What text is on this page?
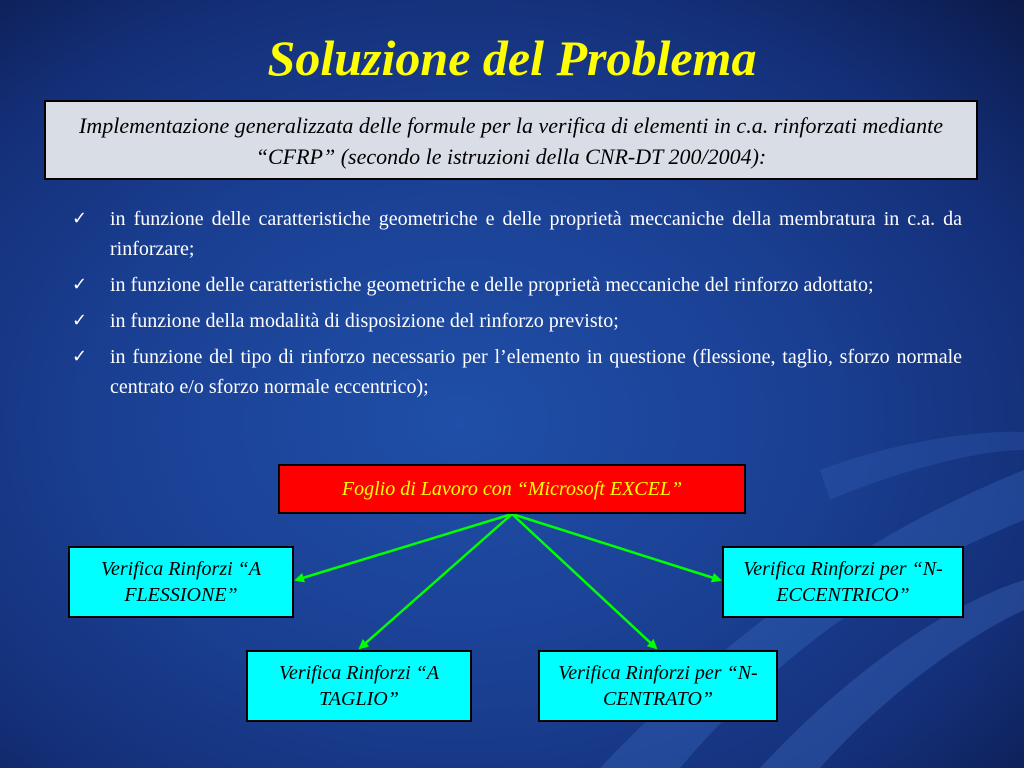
Soluzione del Problema
Implementazione generalizzata delle formule per la verifica di elementi in c.a. rinforzati mediante “CFRP” (secondo le istruzioni della CNR-DT 200/2004):
✓ in funzione delle caratteristiche geometriche e delle proprietà meccaniche della membratura in c.a. da rinforzare;
✓ in funzione delle caratteristiche geometriche e delle proprietà meccaniche del rinforzo adottato;
✓ in funzione della modalità di disposizione del rinforzo previsto;
✓ in funzione del tipo di rinforzo necessario per l’elemento in questione (flessione, taglio, sforzo normale centrato e/o sforzo normale eccentrico);
Foglio di Lavoro con “Microsoft EXCEL”
Verifica Rinforzi “A FLESSIONE”
Verifica Rinforzi per “N-ECCENTRICO”
Verifica Rinforzi “A TAGLIO”
Verifica Rinforzi per “N-CENTRATO”
